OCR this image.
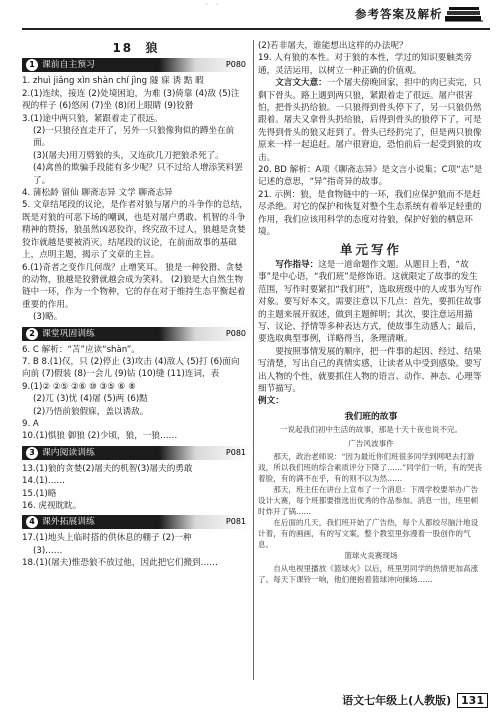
· ·
参考答案及解析
18 狼
1 课前自主预习	P080

1. zhuì jiǎng xìn shàn chí jìng 隧 寐 诱 黠 暇

2.(1)连续，接连 (2)处境困迫，为难 (3)倚靠 (4)敌 (5)注

视的样子 (6)悠闲 (7)坐 (8)闭上眼睛 (9)狡猾

3.(1)途中两只狼，紧跟着走了很远。

(2)一只狼径直走开了，另外一只狼像狗似的蹲坐在前面。

(3)(屠夫)用刀劈狼的头，又连砍几刀把狼杀死了。

(4)禽兽的欺骗手段能有多少呢？只不过给人增添笑料罢了。

4. 蒲松龄 留仙 聊斋志异 文学 聊斋志异

5. 文章结尾段的议论，是作者对狼与屠户的斗争作的总结，既是对狼的可恶下场的嘲讽，也是对屠户勇敢、机智的斗争精神的赞扬，狼虽然凶恶狡诈，终究敌不过人，狼越是贪婪狡诈就越是要被消灭。结尾段的议论，在前面故事的基础上，点明主题，揭示了文章的主旨。

6.(1)奇者之变作几何哉？止增笑耳。 狼是一种狡猾、贪婪的动物，狼越是狡猾就越会成为笑料。 (2)狼是大自然生物链中一环，作为一个物种，它的存在对于维持生态平衡起着重要的作用。

(3)略。

2 课堂巩固训练	P080

6. C 解析：“苫”应读“shàn”。

7. B 8.(1)仅，只 (2)停止 (3)攻击 (4)敌人 (5)打 (6)面向

向前 (7)假装 (8)一会儿 (9)钻 (10)缝 (11)连词，表

9.(1)② ②⑤ ②⑥ ⑩ ③⑤ ⑥ ⑧

(2)兀 (3)忧 (4)屠 (5)两 (6)黠

(2)乃悟前狼假寐，盖以诱敌。

9. A

10.(1)惧狼 御狼 (2)少顷，狼，一狼……

3 课内阅读训练	P081

13.(1)狼的贪婪(2)屠夫的机智(3)屠夫的勇敢

14.(1)……

15.(1)略

16. 虎视眈眈。

4 课外拓展训练	P081

17.(1)地头上临时搭的供休息的棚子 (2)一种

(3)……

18.(1)(屠夫)惟恐狼不放过他，因此把它们搬到……

(2)若非屠夫，谁能想出这样的办法呢？

19. 人有狼的本性。对于狼的本性，学过的知识要触类旁通，灵活运用，以树立一种正确的价值观。

文言文大意：一个屠夫傍晚回家，担中的肉已卖完，只剩下骨头。路上遇到两只狼，紧跟着走了很远。屠户很害怕，把骨头扔给狼。一只狼得到骨头停下了，另一只狼仍然跟着。屠夫又拿骨头扔给狼，后得到骨头的狼停下了，可是先得到骨头的狼又赶到了。骨头已经扔完了，但是两只狼像原来一样一起追赶。屠户很窘迫，恐怕前后一起受到狼的攻击。

20. BD 解析：A项《聊斋志异》是文言小说集；C项“志”是记述的意思，“异”指奇异的故事。

21. 示例：狼，是食物链中的一环，我们应保护狼而不是赶尽杀绝。对它的保护和恢复对整个生态系统有着举足轻重的作用，我们应该用科学的态度对待狼，保护好狼的栖息环境。

单元写作

写作指导：这是一道命题作文题。从题目上看，“故事”是中心语，“我们班”是修饰语。这就限定了故事的发生范围，写作时要紧扣“我们班”，选取班级中的人或事为写作对象。要写好本文，需要注意以下几点：首先，要抓住故事的主题来展开叙述，做到主题鲜明；其次，要注意运用描写、议论、抒情等多种表达方式，使故事生动感人；最后，要选取典型事例，详略得当，条理清晰。

要按照事情发展的顺序，把一件事的起因、经过、结果写清楚，写出自己的真情实感，让读者从中受到感染。要写出人物的个性，就要抓住人物的语言、动作、神态、心理等细节描写。

例文：

我们班的故事
一说起我们初中生活的故事，那是十天十夜也说不完。
广告风波事件

那天，政治老师说：“因为最近你们班很多同学到网吧去打游戏，所以我们班的综合素质评分下降了……”同学们一听，有的哭丧着脸，有的满不在乎，有的则不以为然……

那天，班主任在讲台上宣布了一个消息：下周学校要举办广告设计大赛，每个班都要推选出优秀的作品参加。消息一出，班里顿时炸开了锅……

在后面的几天，我们班开始了广告热，每个人都绞尽脑汁地设计着，有的画画，有的写文案，整个教室里弥漫着一股创作的气息。

篮球火炎赛现场

自从电视里播放《篮球火》以后，班里男同学的热情更加高涨了。每天下课铃一响，他们便抱着篮球冲向操场……

语文七年级上(人教版) 131
